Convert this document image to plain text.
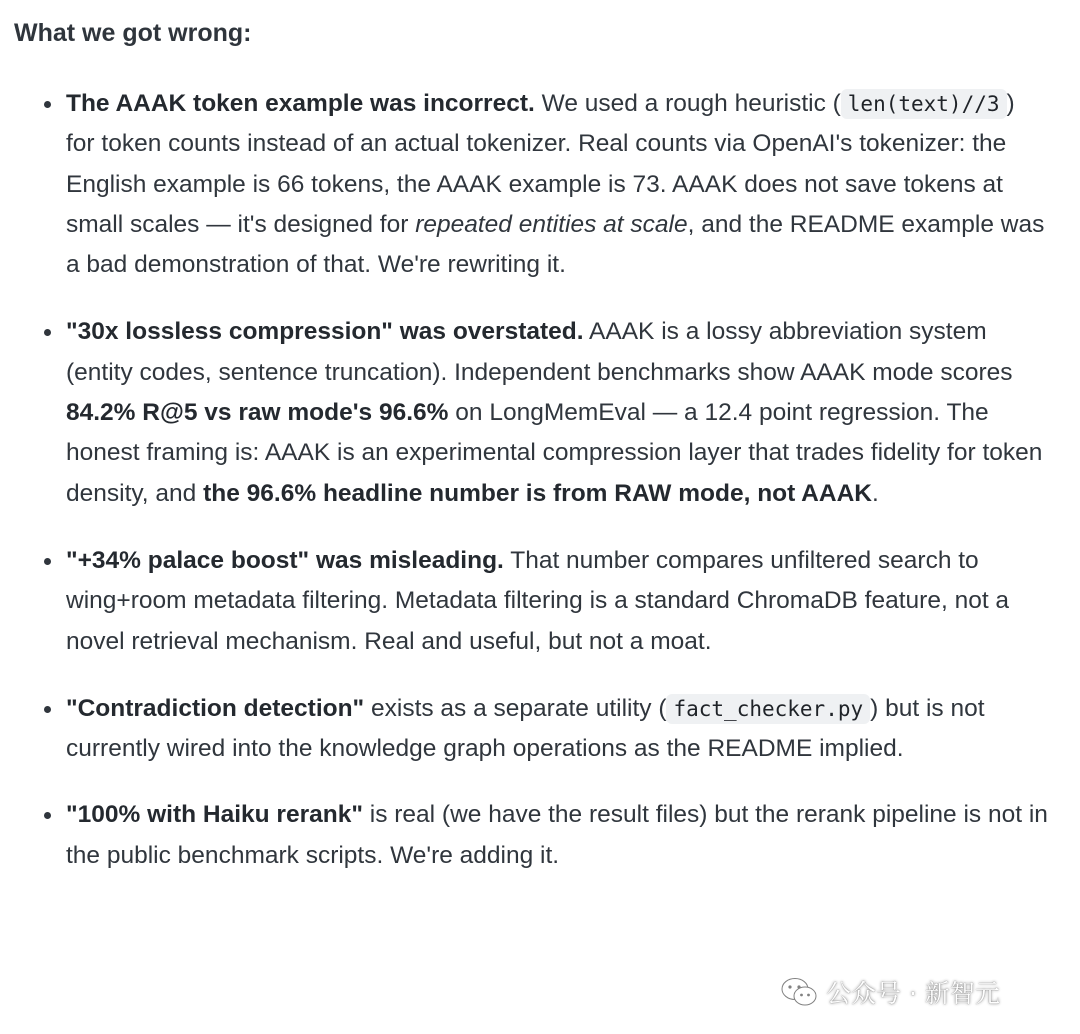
What we got wrong:
The AAAK token example was incorrect. We used a rough heuristic ( len(text)//3 ) for token counts instead of an actual tokenizer. Real counts via OpenAI's tokenizer: the English example is 66 tokens, the AAAK example is 73. AAAK does not save tokens at small scales — it's designed for repeated entities at scale, and the README example was a bad demonstration of that. We're rewriting it.
"30x lossless compression" was overstated. AAAK is a lossy abbreviation system (entity codes, sentence truncation). Independent benchmarks show AAAK mode scores 84.2% R@5 vs raw mode's 96.6% on LongMemEval — a 12.4 point regression. The honest framing is: AAAK is an experimental compression layer that trades fidelity for token density, and the 96.6% headline number is from RAW mode, not AAAK.
"+34% palace boost" was misleading. That number compares unfiltered search to wing+room metadata filtering. Metadata filtering is a standard ChromaDB feature, not a novel retrieval mechanism. Real and useful, but not a moat.
"Contradiction detection" exists as a separate utility ( fact_checker.py ) but is not currently wired into the knowledge graph operations as the README implied.
"100% with Haiku rerank" is real (we have the result files) but the rerank pipeline is not in the public benchmark scripts. We're adding it.
公众号 · 新智元
